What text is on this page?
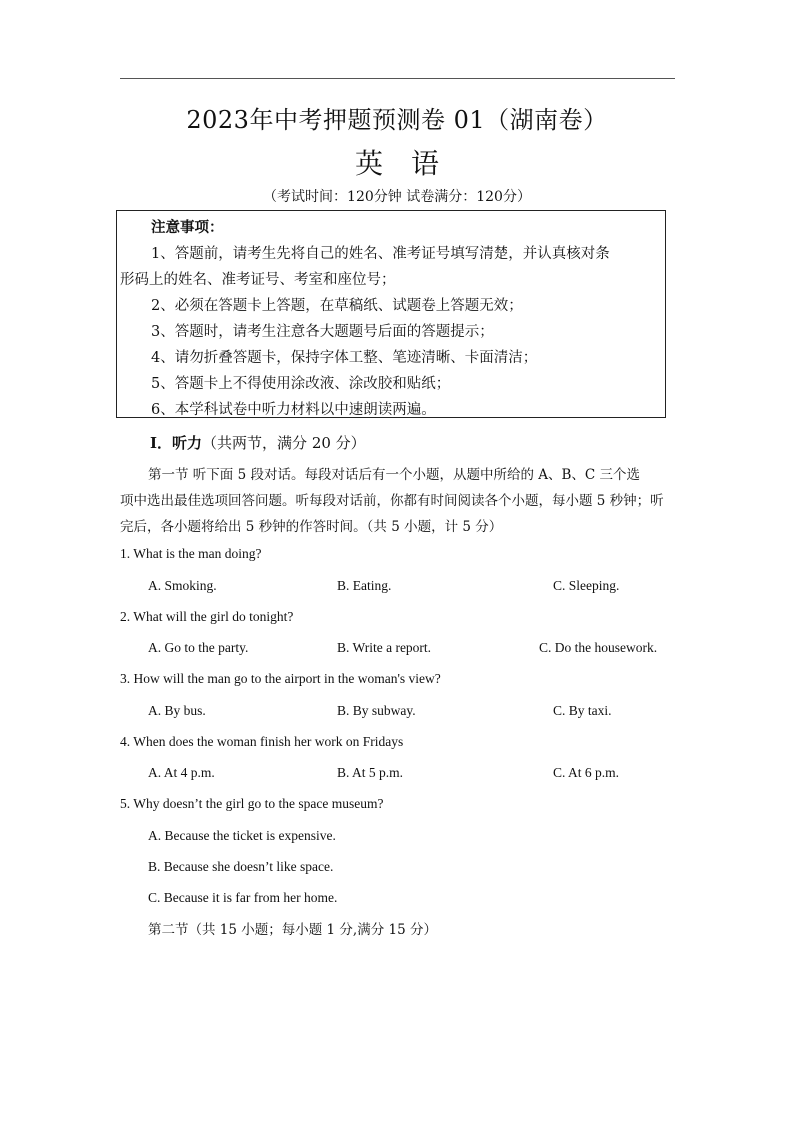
2023年中考押题预测卷 01（湖南卷）
英语
（考试时间：120分钟 试卷满分：120分）
注意事项：
1、答题前，请考生先将自己的姓名、准考证号填写清楚，并认真核对条
形码上的姓名、准考证号、考室和座位号；
2、必须在答题卡上答题，在草稿纸、试题卷上答题无效；
3、答题时，请考生注意各大题题号后面的答题提示；
4、请勿折叠答题卡，保持字体工整、笔迹清晰、卡面清洁；
5、答题卡上不得使用涂改液、涂改胶和贴纸；
6、本学科试卷中听力材料以中速朗读两遍。
I．听力（共两节，满分 20 分）
第一节 听下面 5 段对话。每段对话后有一个小题，从题中所给的 A、B、C 三个选
项中选出最佳选项回答问题。听每段对话前，你都有时间阅读各个小题，每小题 5 秒钟；听
完后，各小题将给出 5 秒钟的作答时间。（共 5 小题，计 5 分）
1. What is the man doing?
A. Smoking.	B. Eating.	C. Sleeping.
2. What will the girl do tonight?
A. Go to the party.	B. Write a report.	C. Do the housework.
3. How will the man go to the airport in the woman's view?
A. By bus.	B. By subway.	C. By taxi.
4. When does the woman finish her work on Fridays
A. At 4 p.m.	B. At 5 p.m.	C. At 6 p.m.
5. Why doesn’t the girl go to the space museum?
A. Because the ticket is expensive.
B. Because she doesn’t like space.
C. Because it is far from her home.
第二节（共 15 小题；每小题 1 分,满分 15 分）
